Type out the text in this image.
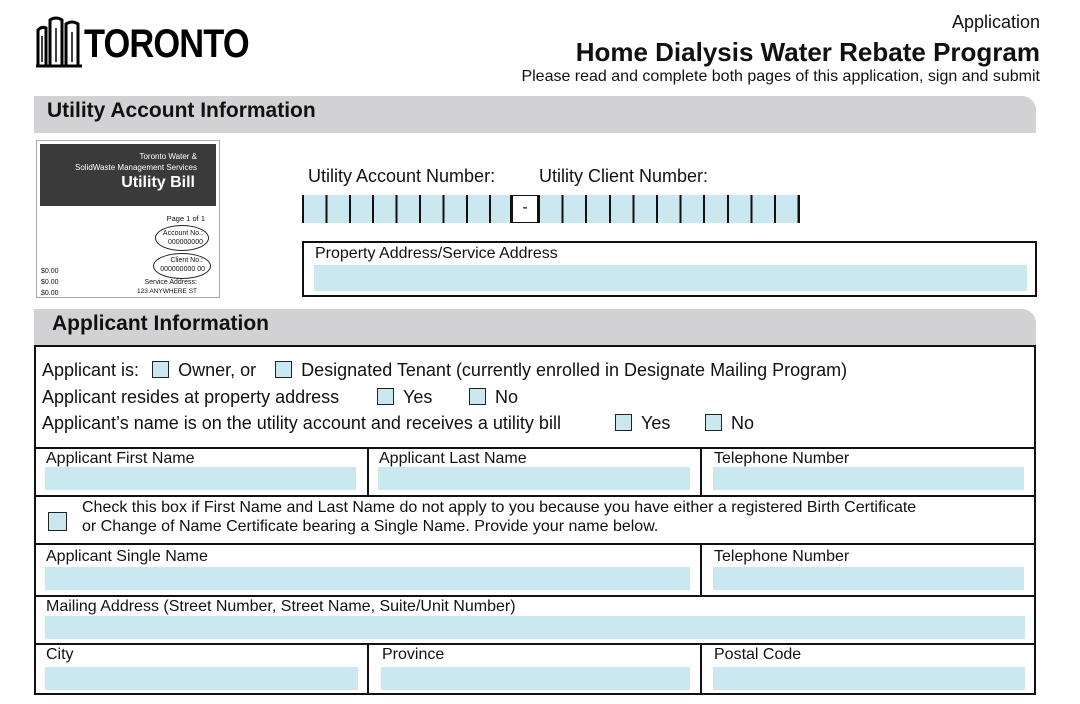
TORONTO	Application
Home Dialysis Water Rebate Program
Please read and complete both pages of this application, sign and submit
Utility Account Information
Toronto Water &
SolidWaste Management Services
Utility Bill
Page 1 of 1
Account No.:
000000000
Client No.:
000000000 00
Service Address:
123 ANYWHERE ST
$0.00
$0.00
$0.00
Utility Account Number: Utility Client Number:
-
Property Address/Service Address
Applicant Information
Applicant is: Owner, or	Designated Tenant (currently enrolled in Designate Mailing Program)
Applicant resides at property address	Yes	No
Applicant’s name is on the utility account and receives a utility bill	Yes	No
Applicant First Name	Applicant Last Name	Telephone Number
Check this box if First Name and Last Name do not apply to you because you have either a registered Birth Certificate
or Change of Name Certificate bearing a Single Name. Provide your name below.
Applicant Single Name	Telephone Number
Mailing Address (Street Number, Street Name, Suite/Unit Number)
City	Province	Postal Code
